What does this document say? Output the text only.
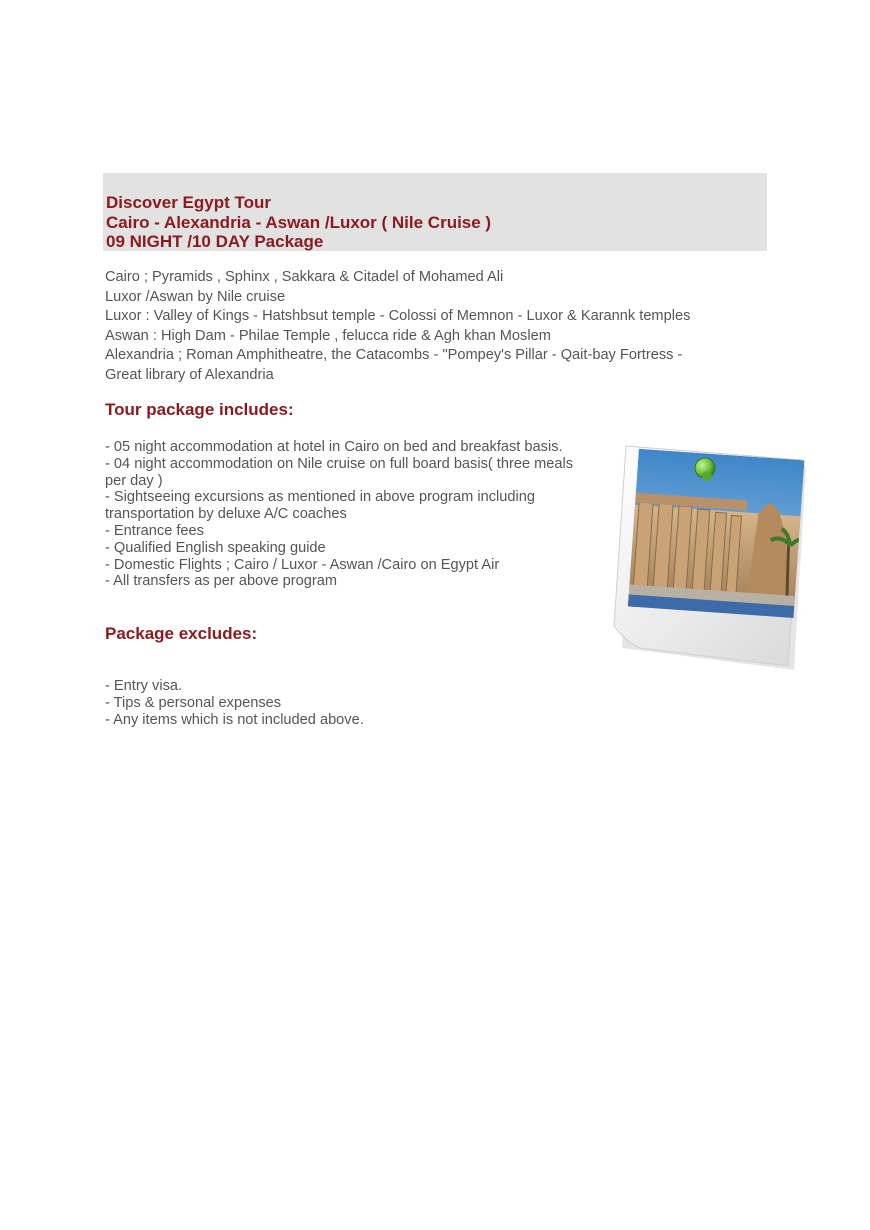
Discover Egypt Tour
Cairo - Alexandria - Aswan /Luxor ( Nile Cruise )
09 NIGHT /10 DAY Package
Cairo ; Pyramids , Sphinx , Sakkara & Citadel of Mohamed Ali
Luxor /Aswan by Nile cruise
Luxor : Valley of Kings - Hatshbsut temple - Colossi of Memnon - Luxor & Karannk temples
Aswan : High Dam - Philae Temple , felucca ride & Agh khan Moslem
Alexandria ; Roman Amphitheatre, the Catacombs - "Pompey's Pillar - Qait-bay Fortress -
Great library of Alexandria
Tour package includes:
- 05 night accommodation at hotel in Cairo on bed and breakfast basis.
- 04 night accommodation on Nile cruise on full board basis( three meals
per day )
- Sightseeing excursions as mentioned in above program including
transportation by deluxe A/C coaches
- Entrance fees
- Qualified English speaking guide
- Domestic Flights ; Cairo / Luxor - Aswan /Cairo on Egypt Air
- All transfers as per above program
Package excludes:
- Entry visa.
- Tips & personal expenses
- Any items which is not included above.
